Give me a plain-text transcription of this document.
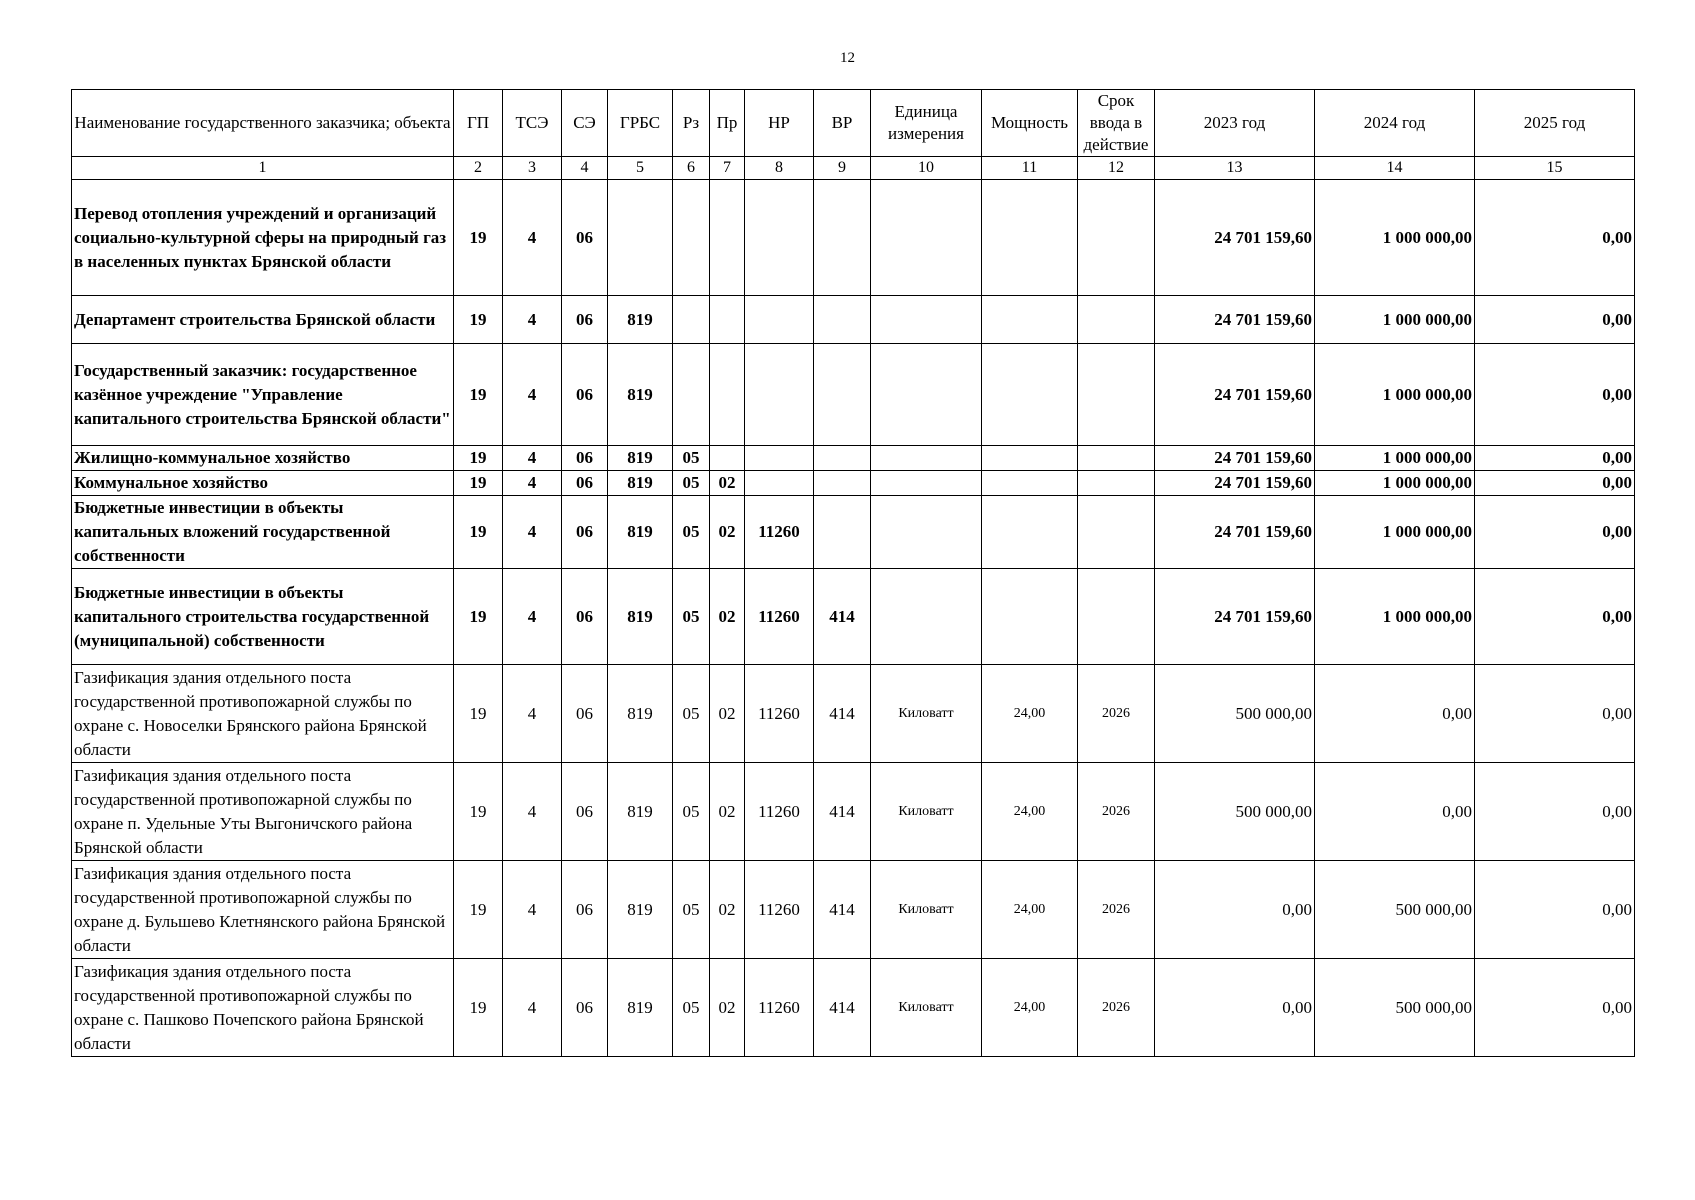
12
Наименование государственного заказчика; объекта	ГП	ТСЭ	СЭ	ГРБС	Рз	Пр	НР	ВР	Единица измерения	Мощность	Срок ввода в действие	2023 год	2024 год	2025 год
1	2	3	4	5	6	7	8	9	10	11	12	13	14	15
Перевод отопления учреждений и организаций социально-культурной сферы на природный газ в населенных пунктах Брянской области	19	4	06									24 701 159,60	1 000 000,00	0,00
Департамент строительства Брянской области	19	4	06	819								24 701 159,60	1 000 000,00	0,00
Государственный заказчик: государственное казённое учреждение "Управление капитального строительства Брянской области"	19	4	06	819								24 701 159,60	1 000 000,00	0,00
Жилищно-коммунальное хозяйство	19	4	06	819	05							24 701 159,60	1 000 000,00	0,00
Коммунальное хозяйство	19	4	06	819	05	02						24 701 159,60	1 000 000,00	0,00
Бюджетные инвестиции в объекты капитальных вложений государственной собственности	19	4	06	819	05	02	11260					24 701 159,60	1 000 000,00	0,00
Бюджетные инвестиции в объекты капитального строительства государственной (муниципальной) собственности	19	4	06	819	05	02	11260	414				24 701 159,60	1 000 000,00	0,00
Газификация здания отдельного поста государственной противопожарной службы по охране с. Новоселки Брянского района Брянской области	19	4	06	819	05	02	11260	414	Киловатт	24,00	2026	500 000,00	0,00	0,00
Газификация здания отдельного поста государственной противопожарной службы по охране п. Удельные Уты Выгоничского района Брянской области	19	4	06	819	05	02	11260	414	Киловатт	24,00	2026	500 000,00	0,00	0,00
Газификация здания отдельного поста государственной противопожарной службы по охране д. Бульшево Клетнянского района Брянской области	19	4	06	819	05	02	11260	414	Киловатт	24,00	2026	0,00	500 000,00	0,00
Газификация здания отдельного поста государственной противопожарной службы по охране с. Пашково Почепского района Брянской области	19	4	06	819	05	02	11260	414	Киловатт	24,00	2026	0,00	500 000,00	0,00
